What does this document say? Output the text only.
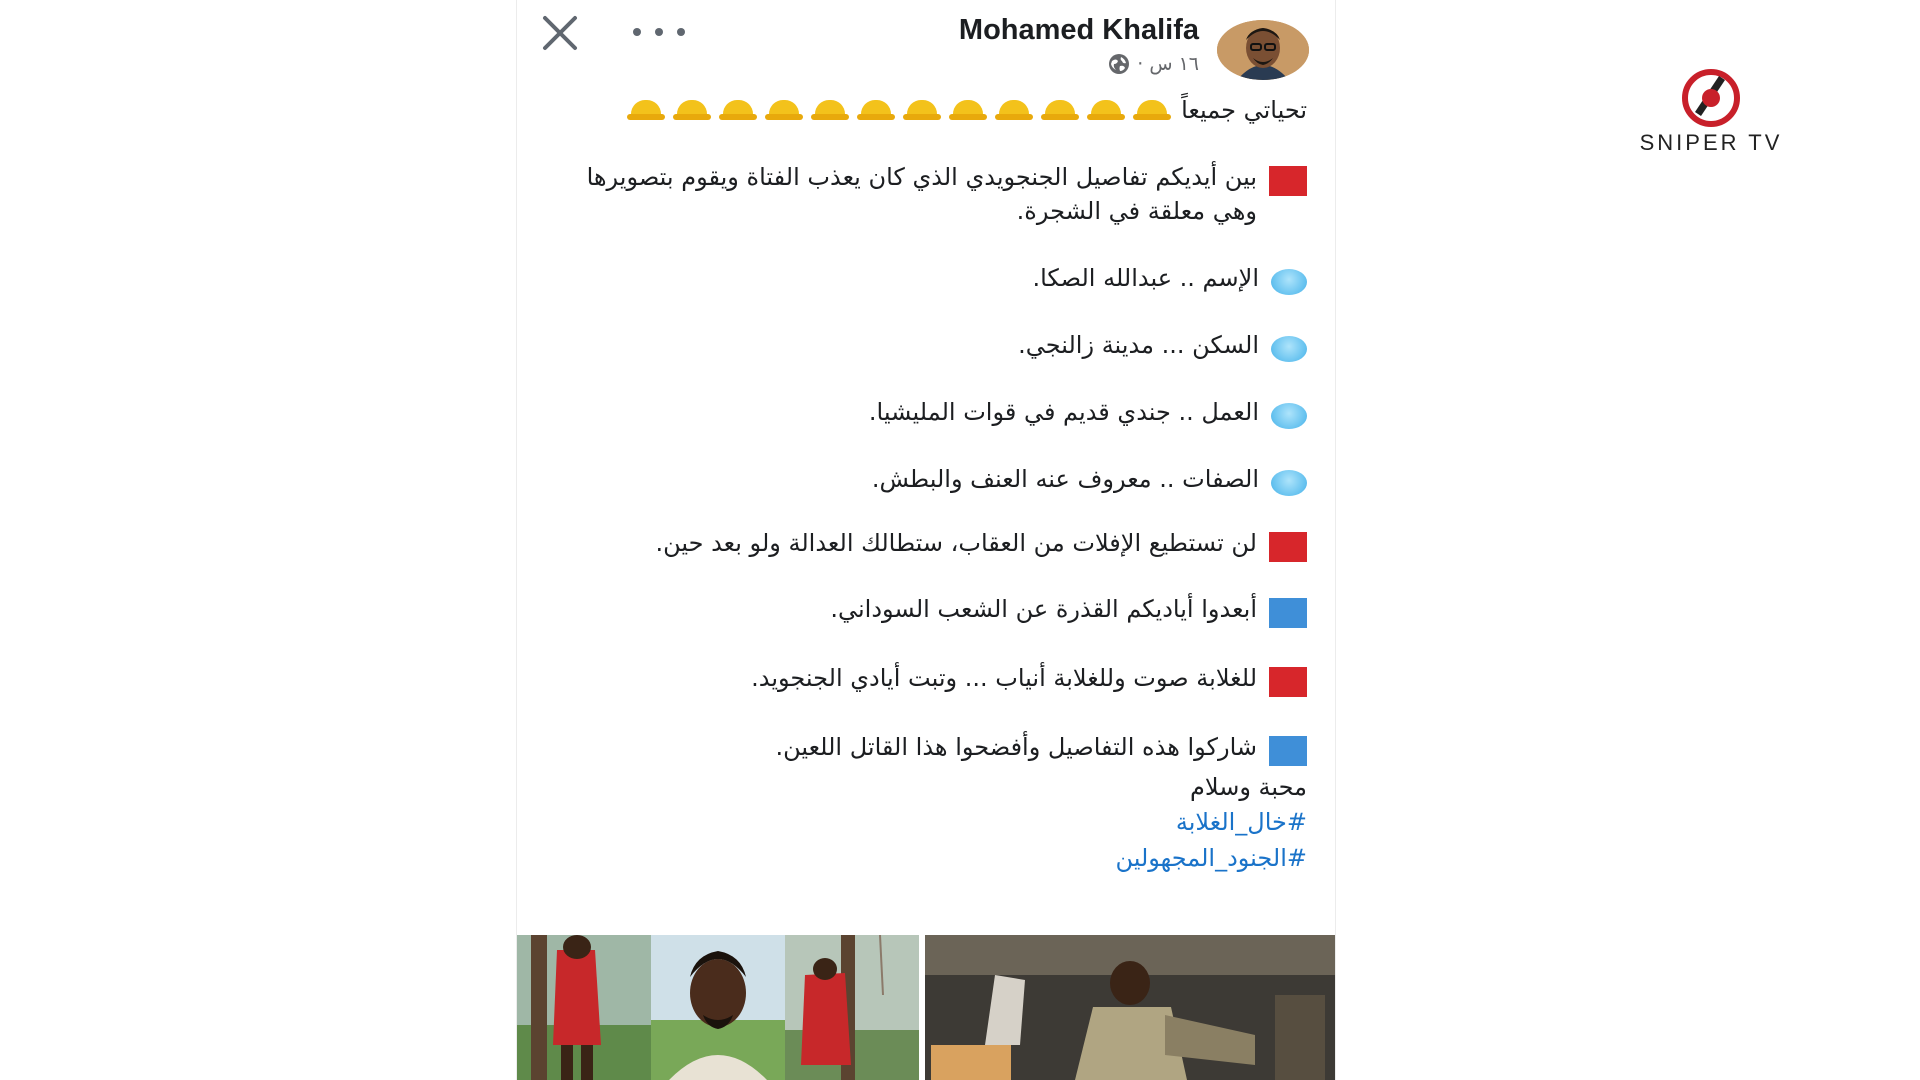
Mohamed Khalifa
١٦ س ·
تحياتي جميعاً
بين أيديكم تفاصيل الجنجويدي الذي كان يعذب الفتاة ويقوم بتصويرها وهي معلقة في الشجرة.
الإسم .. عبدالله الصكا.
السكن ... مدينة زالنجي.
العمل .. جندي قديم في قوات المليشيا.
الصفات .. معروف عنه العنف والبطش.
لن تستطيع الإفلات من العقاب، ستطالك العدالة ولو بعد حين.
أبعدوا أياديكم القذرة عن الشعب السوداني.
للغلابة صوت وللغلابة أنياب ... وتبت أيادي الجنجويد.
شاركوا هذه التفاصيل وأفضحوا هذا القاتل اللعين.
محبة وسلام
#خال_الغلابة
#الجنود_المجهولين
SNIPER TV
